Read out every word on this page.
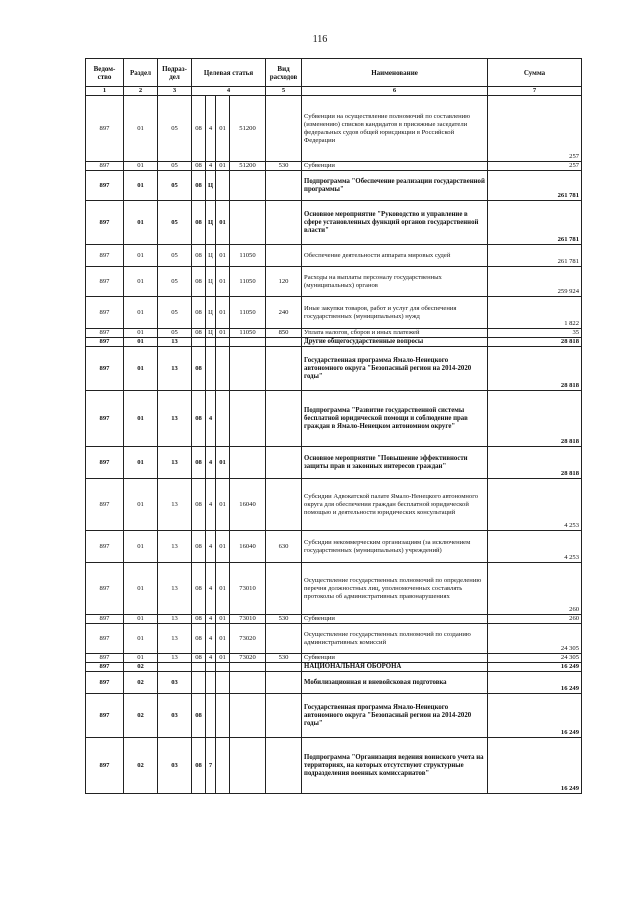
116
Ведом-ство	Раздел	Подраз-дел	Целевая статья				Вид расходов	Наименование	Сумма
1	2	3	4				5	6	7
897	01	05	08	4	01	51200		Субвенции на осуществление полномочий по составлению (изменению) списков кандидатов в присяжные заседатели федеральных судов общей юрисдикции в Российской Федерации	257
897	01	05	08	4	01	51200	530	Субвенции	257
897	01	05	08	Ц				Подпрограмма "Обеспечение реализации государственной программы"	261 781
897	01	05	08	Ц	01			Основное мероприятие "Руководство и управление в сфере установленных функций органов государственной власти"	261 781
897	01	05	08	Ц	01	11050		Обеспечение деятельности аппарата мировых судей	261 781
897	01	05	08	Ц	01	11050	120	Расходы на выплаты персоналу государственных (муниципальных) органов	259 924
897	01	05	08	Ц	01	11050	240	Иные закупки товаров, работ и услуг для обеспечения государственных (муниципальных) нужд	1 822
897	01	05	08	Ц	01	11050	850	Уплата налогов, сборов и иных платежей	35
897	01	13						Другие общегосударственные вопросы	28 818
897	01	13	08					Государственная программа Ямало-Ненецкого автономного округа "Безопасный регион на 2014-2020 годы"	28 818
897	01	13	08	4				Подпрограмма "Развитие государственной системы бесплатной юридической помощи и соблюдение прав граждан в Ямало-Ненецком автономном округе"	28 818
897	01	13	08	4	01			Основное мероприятие "Повышение эффективности защиты прав и законных интересов граждан"	28 818
897	01	13	08	4	01	16040		Субсидии Адвокатской палате Ямало-Ненецкого автономного округа для обеспечения граждан бесплатной юридической помощью и деятельности юридических консультаций	4 253
897	01	13	08	4	01	16040	630	Субсидии некоммерческим организациям (за исключением государственных (муниципальных) учреждений)	4 253
897	01	13	08	4	01	73010		Осуществление государственных полномочий по определению перечня должностных лиц, уполномоченных составлять протоколы об административных правонарушениях	260
897	01	13	08	4	01	73010	530	Субвенции	260
897	01	13	08	4	01	73020		Осуществление государственных полномочий по созданию административных комиссий	24 305
897	01	13	08	4	01	73020	530	Субвенции	24 305
897	02							НАЦИОНАЛЬНАЯ ОБОРОНА	16 249
897	02	03						Мобилизационная и вневойсковая подготовка	16 249
897	02	03	08					Государственная программа Ямало-Ненецкого автономного округа "Безопасный регион на 2014-2020 годы"	16 249
897	02	03	08	7				Подпрограмма "Организация ведения воинского учета на территориях, на которых отсутствуют структурные подразделения военных комиссариатов"	16 249
